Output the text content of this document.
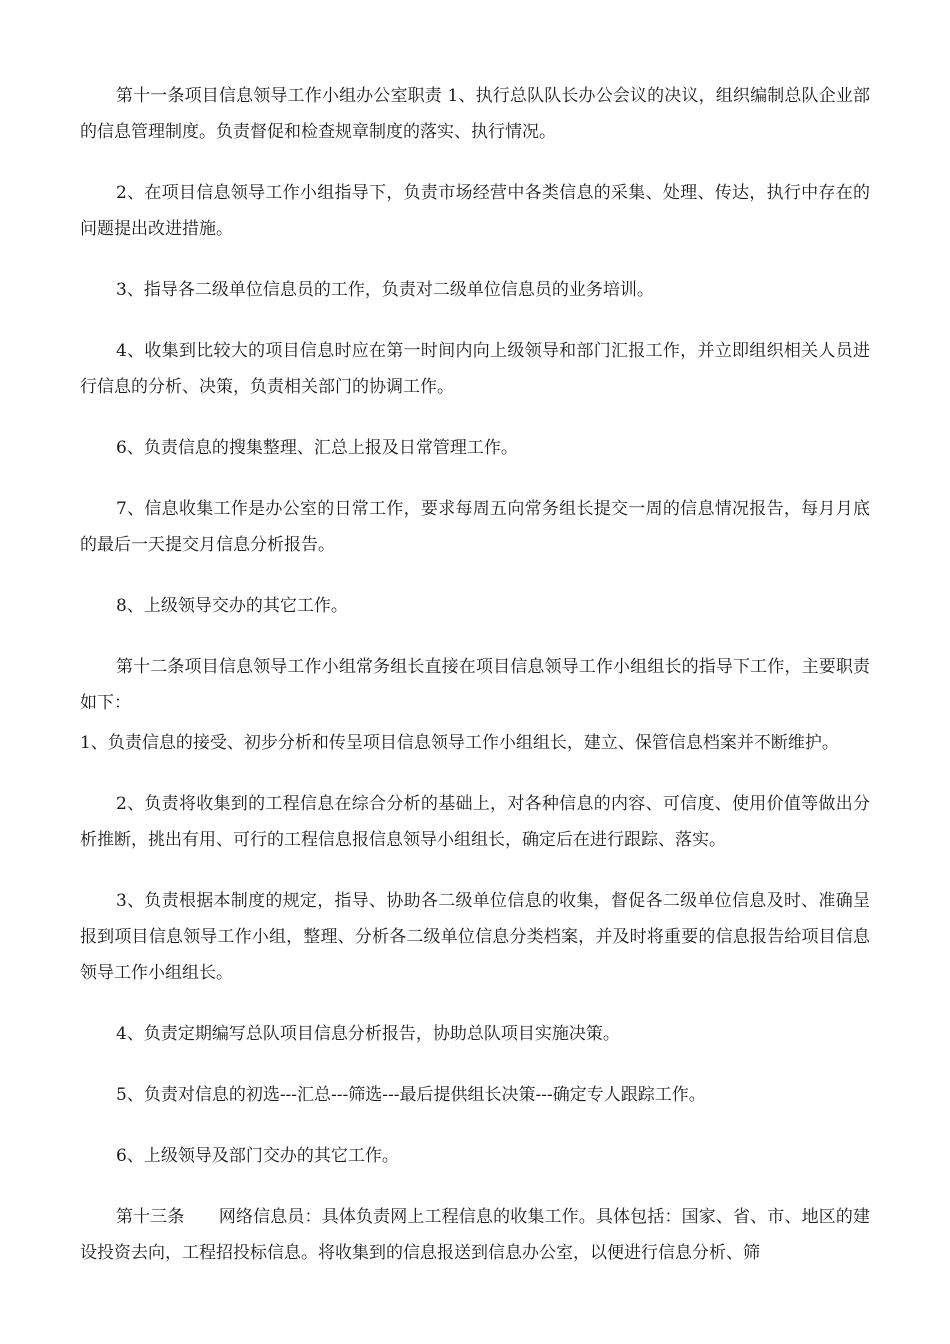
第十一条项目信息领导工作小组办公室职责 1、执行总队队长办公会议的决议，组织编制总队企业部的信息管理制度。负责督促和检查规章制度的落实、执行情况。

2、在项目信息领导工作小组指导下，负责市场经营中各类信息的采集、处理、传达，执行中存在的问题提出改进措施。

3、指导各二级单位信息员的工作，负责对二级单位信息员的业务培训。

4、收集到比较大的项目信息时应在第一时间内向上级领导和部门汇报工作，并立即组织相关人员进行信息的分析、决策，负责相关部门的协调工作。

6、负责信息的搜集整理、汇总上报及日常管理工作。

7、信息收集工作是办公室的日常工作，要求每周五向常务组长提交一周的信息情况报告，每月月底的最后一天提交月信息分析报告。

8、上级领导交办的其它工作。

第十二条项目信息领导工作小组常务组长直接在项目信息领导工作小组组长的指导下工作，主要职责如下：

1、负责信息的接受、初步分析和传呈项目信息领导工作小组组长，建立、保管信息档案并不断维护。

2、负责将收集到的工程信息在综合分析的基础上，对各种信息的内容、可信度、使用价值等做出分析推断，挑出有用、可行的工程信息报信息领导小组组长，确定后在进行跟踪、落实。

3、负责根据本制度的规定，指导、协助各二级单位信息的收集，督促各二级单位信息及时、准确呈报到项目信息领导工作小组，整理、分析各二级单位信息分类档案，并及时将重要的信息报告给项目信息领导工作小组组长。

4、负责定期编写总队项目信息分析报告，协助总队项目实施决策。

5、负责对信息的初选---汇总---筛选---最后提供组长决策---确定专人跟踪工作。

6、上级领导及部门交办的其它工作。

第十三条　　网络信息员：具体负责网上工程信息的收集工作。具体包括：国家、省、市、地区的建设投资去向，工程招投标信息。将收集到的信息报送到信息办公室，以便进行信息分析、筛
